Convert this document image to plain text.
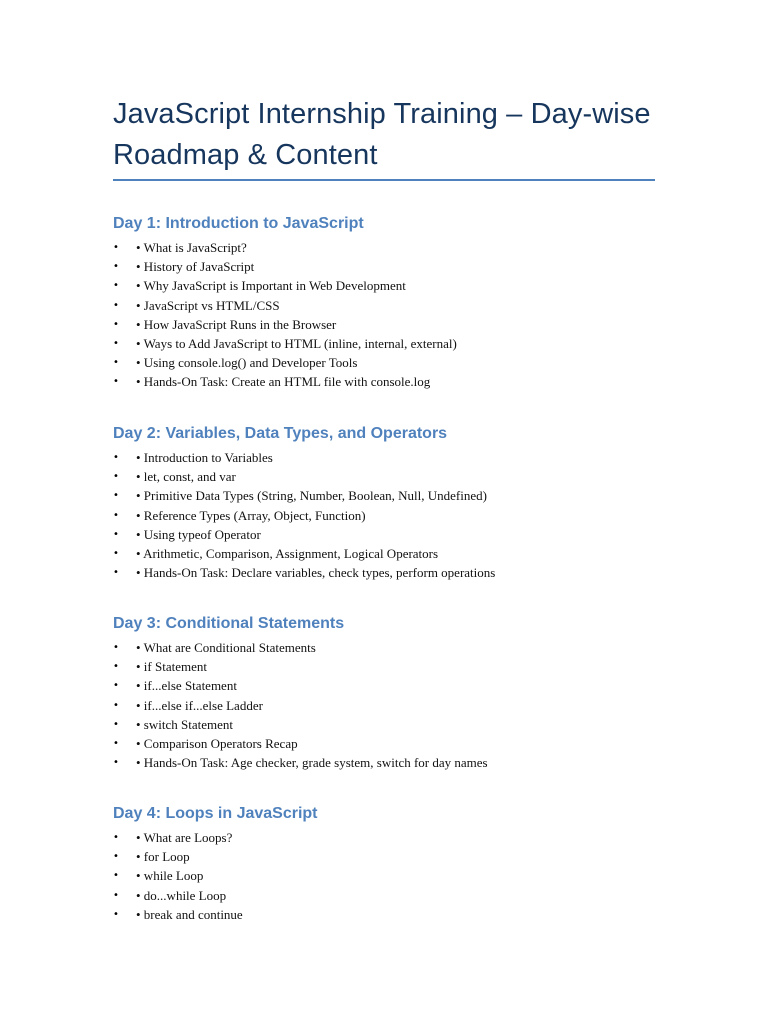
JavaScript Internship Training – Day-wise Roadmap & Content
Day 1: Introduction to JavaScript
•	• What is JavaScript?
•	• History of JavaScript
•	• Why JavaScript is Important in Web Development
•	• JavaScript vs HTML/CSS
•	• How JavaScript Runs in the Browser
•	• Ways to Add JavaScript to HTML (inline, internal, external)
•	• Using console.log() and Developer Tools
•	• Hands-On Task: Create an HTML file with console.log
Day 2: Variables, Data Types, and Operators
•	• Introduction to Variables
•	• let, const, and var
•	• Primitive Data Types (String, Number, Boolean, Null, Undefined)
•	• Reference Types (Array, Object, Function)
•	• Using typeof Operator
•	• Arithmetic, Comparison, Assignment, Logical Operators
•	• Hands-On Task: Declare variables, check types, perform operations
Day 3: Conditional Statements
•	• What are Conditional Statements
•	• if Statement
•	• if...else Statement
•	• if...else if...else Ladder
•	• switch Statement
•	• Comparison Operators Recap
•	• Hands-On Task: Age checker, grade system, switch for day names
Day 4: Loops in JavaScript
•	• What are Loops?
•	• for Loop
•	• while Loop
•	• do...while Loop
•	• break and continue
